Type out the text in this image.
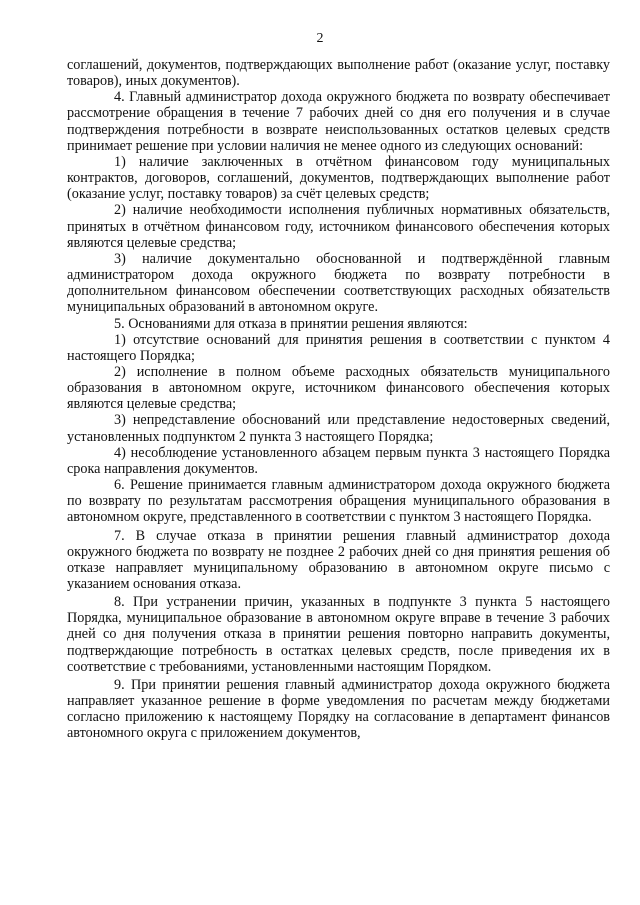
2

соглашений, документов, подтверждающих выполнение работ (оказание услуг, поставку товаров), иных документов).

4. Главный администратор дохода окружного бюджета по возврату обеспечивает рассмотрение обращения в течение 7 рабочих дней со дня его получения и в случае подтверждения потребности в возврате неиспользованных остатков целевых средств принимает решение при условии наличия не менее одного из следующих оснований:

1) наличие заключенных в отчётном финансовом году муниципальных контрактов, договоров, соглашений, документов, подтверждающих выполнение работ (оказание услуг, поставку товаров) за счёт целевых средств;

2) наличие необходимости исполнения публичных нормативных обязательств, принятых в отчётном финансовом году, источником финансового обеспечения которых являются целевые средства;

3) наличие документально обоснованной и подтверждённой главным администратором дохода окружного бюджета по возврату потребности в дополнительном финансовом обеспечении соответствующих расходных обязательств муниципальных образований в автономном округе.

5. Основаниями для отказа в принятии решения являются:

1) отсутствие оснований для принятия решения в соответствии с пунктом 4 настоящего Порядка;

2) исполнение в полном объеме расходных обязательств муниципального образования в автономном округе, источником финансового обеспечения которых являются целевые средства;

3) непредставление обоснований или представление недостоверных сведений, установленных подпунктом 2 пункта 3 настоящего Порядка;

4) несоблюдение установленного абзацем первым пункта 3 настоящего Порядка срока направления документов.

6. Решение принимается главным администратором дохода окружного бюджета по возврату по результатам рассмотрения обращения муниципального образования в автономном округе, представленного в соответствии с пунктом 3 настоящего Порядка.

7. В случае отказа в принятии решения главный администратор дохода окружного бюджета по возврату не позднее 2 рабочих дней со дня принятия решения об отказе направляет муниципальному образованию в автономном округе письмо с указанием основания отказа.

8. При устранении причин, указанных в подпункте 3 пункта 5 настоящего Порядка, муниципальное образование в автономном округе вправе в течение 3 рабочих дней со дня получения отказа в принятии решения повторно направить документы, подтверждающие потребность в остатках целевых средств, после приведения их в соответствие с требованиями, установленными настоящим Порядком.

9. При принятии решения главный администратор дохода окружного бюджета направляет указанное решение в форме уведомления по расчетам между бюджетами согласно приложению к настоящему Порядку на согласование в департамент финансов автономного округа с приложением документов,
